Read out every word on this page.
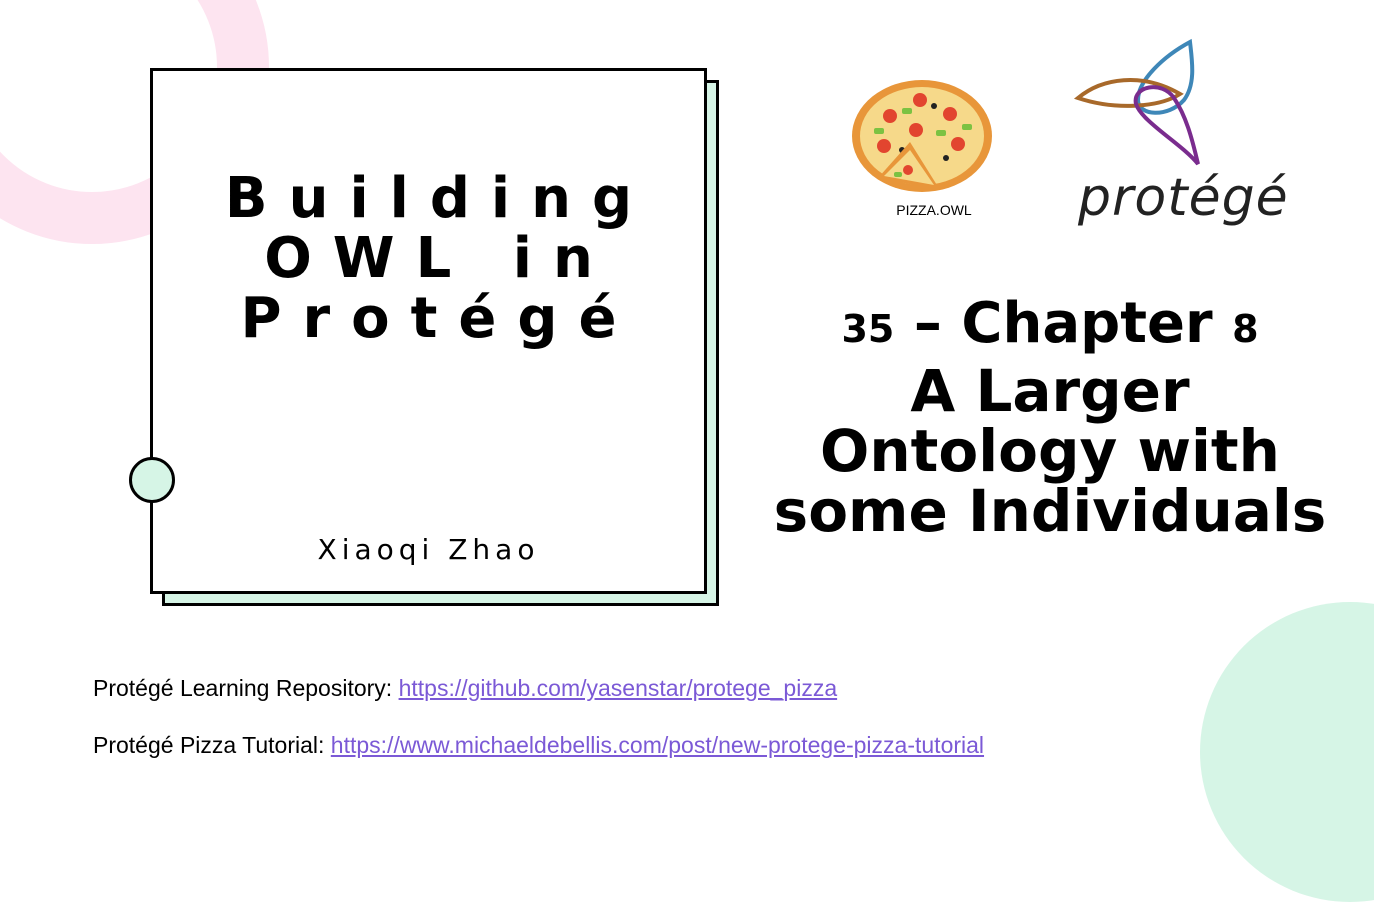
Building
OWL in
Protégé
Xiaoqi Zhao
PIZZA.OWL	protégé
35 – Chapter 8
A Larger
Ontology with
some Individuals
Protégé Learning Repository: https://github.com/yasenstar/protege_pizza
Protégé Pizza Tutorial: https://www.michaeldebellis.com/post/new-protege-pizza-tutorial
